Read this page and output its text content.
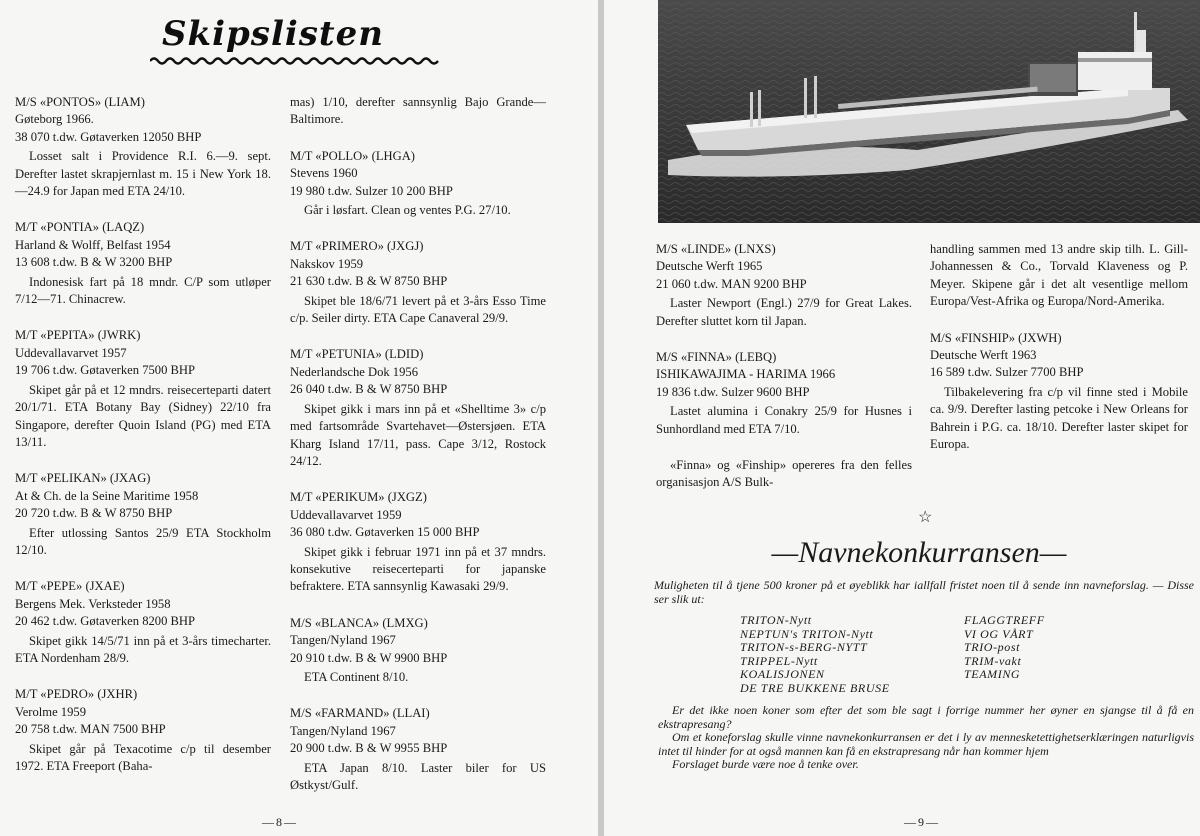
Skipslisten
M/S «PONTOS» (LIAM)
Gøteborg 1966.
38 070 t.dw. Gøtaverken 12050 BHP
Losset salt i Providence R.I. 6.—9. sept. Derefter lastet skrapjernlast m. 15 i New York 18.—24.9 for Japan med ETA 24/10.
M/T «PONTIA» (LAQZ)
Harland & Wolff, Belfast 1954
13 608 t.dw. B & W 3200 BHP
Indonesisk fart på 18 mndr. C/P som utløper 7/12—71. Chinacrew.
M/T «PEPITA» (JWRK)
Uddevallavarvet 1957
19 706 t.dw. Gøtaverken 7500 BHP
Skipet går på et 12 mndrs. reisecerteparti datert 20/1/71. ETA Botany Bay (Sidney) 22/10 fra Singapore, derefter Quoin Island (PG) med ETA 13/11.
M/T «PELIKAN» (JXAG)
At & Ch. de la Seine Maritime 1958
20 720 t.dw. B & W 8750 BHP
Efter utlossing Santos 25/9 ETA Stockholm 12/10.
M/T «PEPE» (JXAE)
Bergens Mek. Verksteder 1958
20 462 t.dw. Gøtaverken 8200 BHP
Skipet gikk 14/5/71 inn på et 3-års timecharter. ETA Nordenham 28/9.
M/T «PEDRO» (JXHR)
Verolme 1959
20 758 t.dw. MAN 7500 BHP
Skipet går på Texacotime c/p til desember 1972. ETA Freeport (Baha-
mas) 1/10, derefter sannsynlig Bajo Grande—Baltimore.
M/T «POLLO» (LHGA)
Stevens 1960
19 980 t.dw. Sulzer 10 200 BHP
Går i løsfart. Clean og ventes P.G. 27/10.
M/T «PRIMERO» (JXGJ)
Nakskov 1959
21 630 t.dw. B & W 8750 BHP
Skipet ble 18/6/71 levert på et 3-års Esso Time c/p. Seiler dirty. ETA Cape Canaveral 29/9.
M/T «PETUNIA» (LDID)
Nederlandsche Dok 1956
26 040 t.dw. B & W 8750 BHP
Skipet gikk i mars inn på et «Shelltime 3» c/p med fartsområde Svartehavet—Østersjøen. ETA Kharg Island 17/11, pass. Cape 3/12, Rostock 24/12.
M/T «PERIKUM» (JXGZ)
Uddevallavarvet 1959
36 080 t.dw. Gøtaverken 15 000 BHP
Skipet gikk i februar 1971 inn på et 37 mndrs. konsekutive reisecerteparti for japanske befraktere. ETA sannsynlig Kawasaki 29/9.
M/S «BLANCA» (LMXG)
Tangen/Nyland 1967
20 910 t.dw. B & W 9900 BHP
ETA Continent 8/10.
M/S «FARMAND» (LLAI)
Tangen/Nyland 1967
20 900 t.dw. B & W 9955 BHP
ETA Japan 8/10. Laster biler for US Østkyst/Gulf.
—8—
M/S «LINDE» (LNXS)
Deutsche Werft 1965
21 060 t.dw. MAN 9200 BHP
Laster Newport (Engl.) 27/9 for Great Lakes. Derefter sluttet korn til Japan.
M/S «FINNA» (LEBQ)
ISHIKAWAJIMA - HARIMA 1966
19 836 t.dw. Sulzer 9600 BHP
Lastet alumina i Conakry 25/9 for Husnes i Sunhordland med ETA 7/10.
«Finna» og «Finship» opereres fra den felles organisasjon A/S Bulk-
handling sammen med 13 andre skip tilh. L. Gill-Johannessen & Co., Torvald Klaveness og P. Meyer. Skipene går i det alt vesentlige mellom Europa/Vest-Afrika og Europa/Nord-Amerika.
M/S «FINSHIP» (JXWH)
Deutsche Werft 1963
16 589 t.dw. Sulzer 7700 BHP
Tilbakelevering fra c/p vil finne sted i Mobile ca. 9/9. Derefter lasting petcoke i New Orleans for Bahrein i P.G. ca. 18/10. Derefter laster skipet for Europa.
☆
—Navnekonkurransen—
Muligheten til å tjene 500 kroner på et øyeblikk har iallfall fristet noen til å sende inn navneforslag. — Disse ser slik ut:
TRITON-Nytt
NEPTUN's TRITON-Nytt
TRITON-s-BERG-NYTT
TRIPPEL-Nytt
KOALISJONEN
DE TRE BUKKENE BRUSE
FLAGGTREFF
VI OG VÅRT
TRIO-post
TRIM-vakt
TEAMING

Er det ikke noen koner som efter det som ble sagt i forrige nummer her øyner en sjangse til å få en ekstrapresang?

Om et koneforslag skulle vinne navnekonkurransen er det i ly av mennesketettighetserklæringen naturligvis intet til hinder for at også mannen kan få en ekstrapresang når han kommer hjem

Forslaget burde være noe å tenke over.

—9—
